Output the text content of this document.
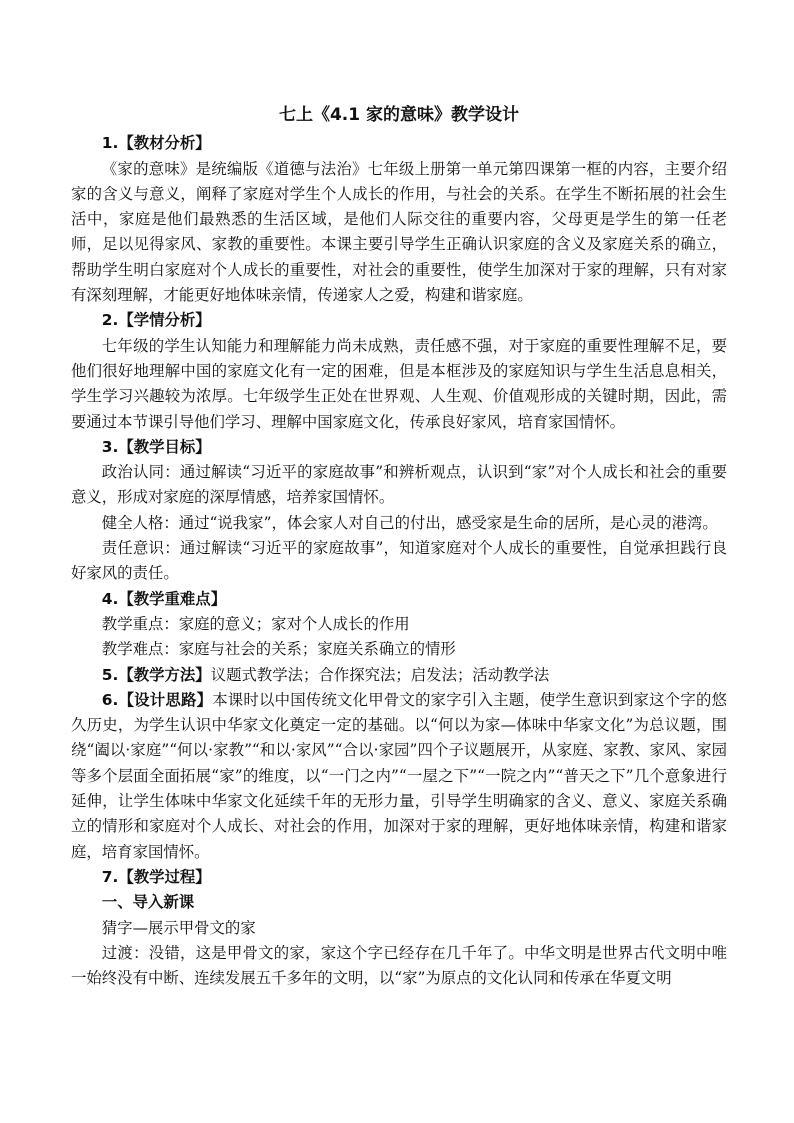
七上《4.1 家的意味》教学设计

1.【教材分析】

《家的意味》是统编版《道德与法治》七年级上册第一单元第四课第一框的内容，主要介绍家的含义与意义，阐释了家庭对学生个人成长的作用，与社会的关系。在学生不断拓展的社会生活中，家庭是他们最熟悉的生活区域，是他们人际交往的重要内容，父母更是学生的第一任老师，足以见得家风、家教的重要性。本课主要引导学生正确认识家庭的含义及家庭关系的确立，帮助学生明白家庭对个人成长的重要性，对社会的重要性，使学生加深对于家的理解，只有对家有深刻理解，才能更好地体味亲情，传递家人之爱，构建和谐家庭。

2.【学情分析】

七年级的学生认知能力和理解能力尚未成熟，责任感不强，对于家庭的重要性理解不足，要他们很好地理解中国的家庭文化有一定的困难，但是本框涉及的家庭知识与学生生活息息相关，学生学习兴趣较为浓厚。七年级学生正处在世界观、人生观、价值观形成的关键时期，因此，需要通过本节课引导他们学习、理解中国家庭文化，传承良好家风，培育家国情怀。

3.【教学目标】

政治认同：通过解读“习近平的家庭故事”和辨析观点，认识到“家”对个人成长和社会的重要意义，形成对家庭的深厚情感，培养家国情怀。

健全人格：通过“说我家”，体会家人对自己的付出，感受家是生命的居所，是心灵的港湾。

责任意识：通过解读“习近平的家庭故事”，知道家庭对个人成长的重要性，自觉承担践行良好家风的责任。

4.【教学重难点】

教学重点：家庭的意义；家对个人成长的作用

教学难点：家庭与社会的关系；家庭关系确立的情形

5.【教学方法】议题式教学法；合作探究法；启发法；活动教学法

6.【设计思路】本课时以中国传统文化甲骨文的家字引入主题，使学生意识到家这个字的悠久历史，为学生认识中华家文化奠定一定的基础。以“何以为家—体味中华家文化”为总议题，围绕“阖以·家庭”“何以·家教”“和以·家风”“合以·家园”四个子议题展开，从家庭、家教、家风、家园等多个层面全面拓展“家”的维度，以“一门之内”“一屋之下”“一院之内”“普天之下”几个意象进行延伸，让学生体味中华家文化延续千年的无形力量，引导学生明确家的含义、意义、家庭关系确立的情形和家庭对个人成长、对社会的作用，加深对于家的理解，更好地体味亲情，构建和谐家庭，培育家国情怀。

7.【教学过程】

一、导入新课

猜字—展示甲骨文的家

过渡：没错，这是甲骨文的家，家这个字已经存在几千年了。中华文明是世界古代文明中唯一始终没有中断、连续发展五千多年的文明，以“家”为原点的文化认同和传承在华夏文明
